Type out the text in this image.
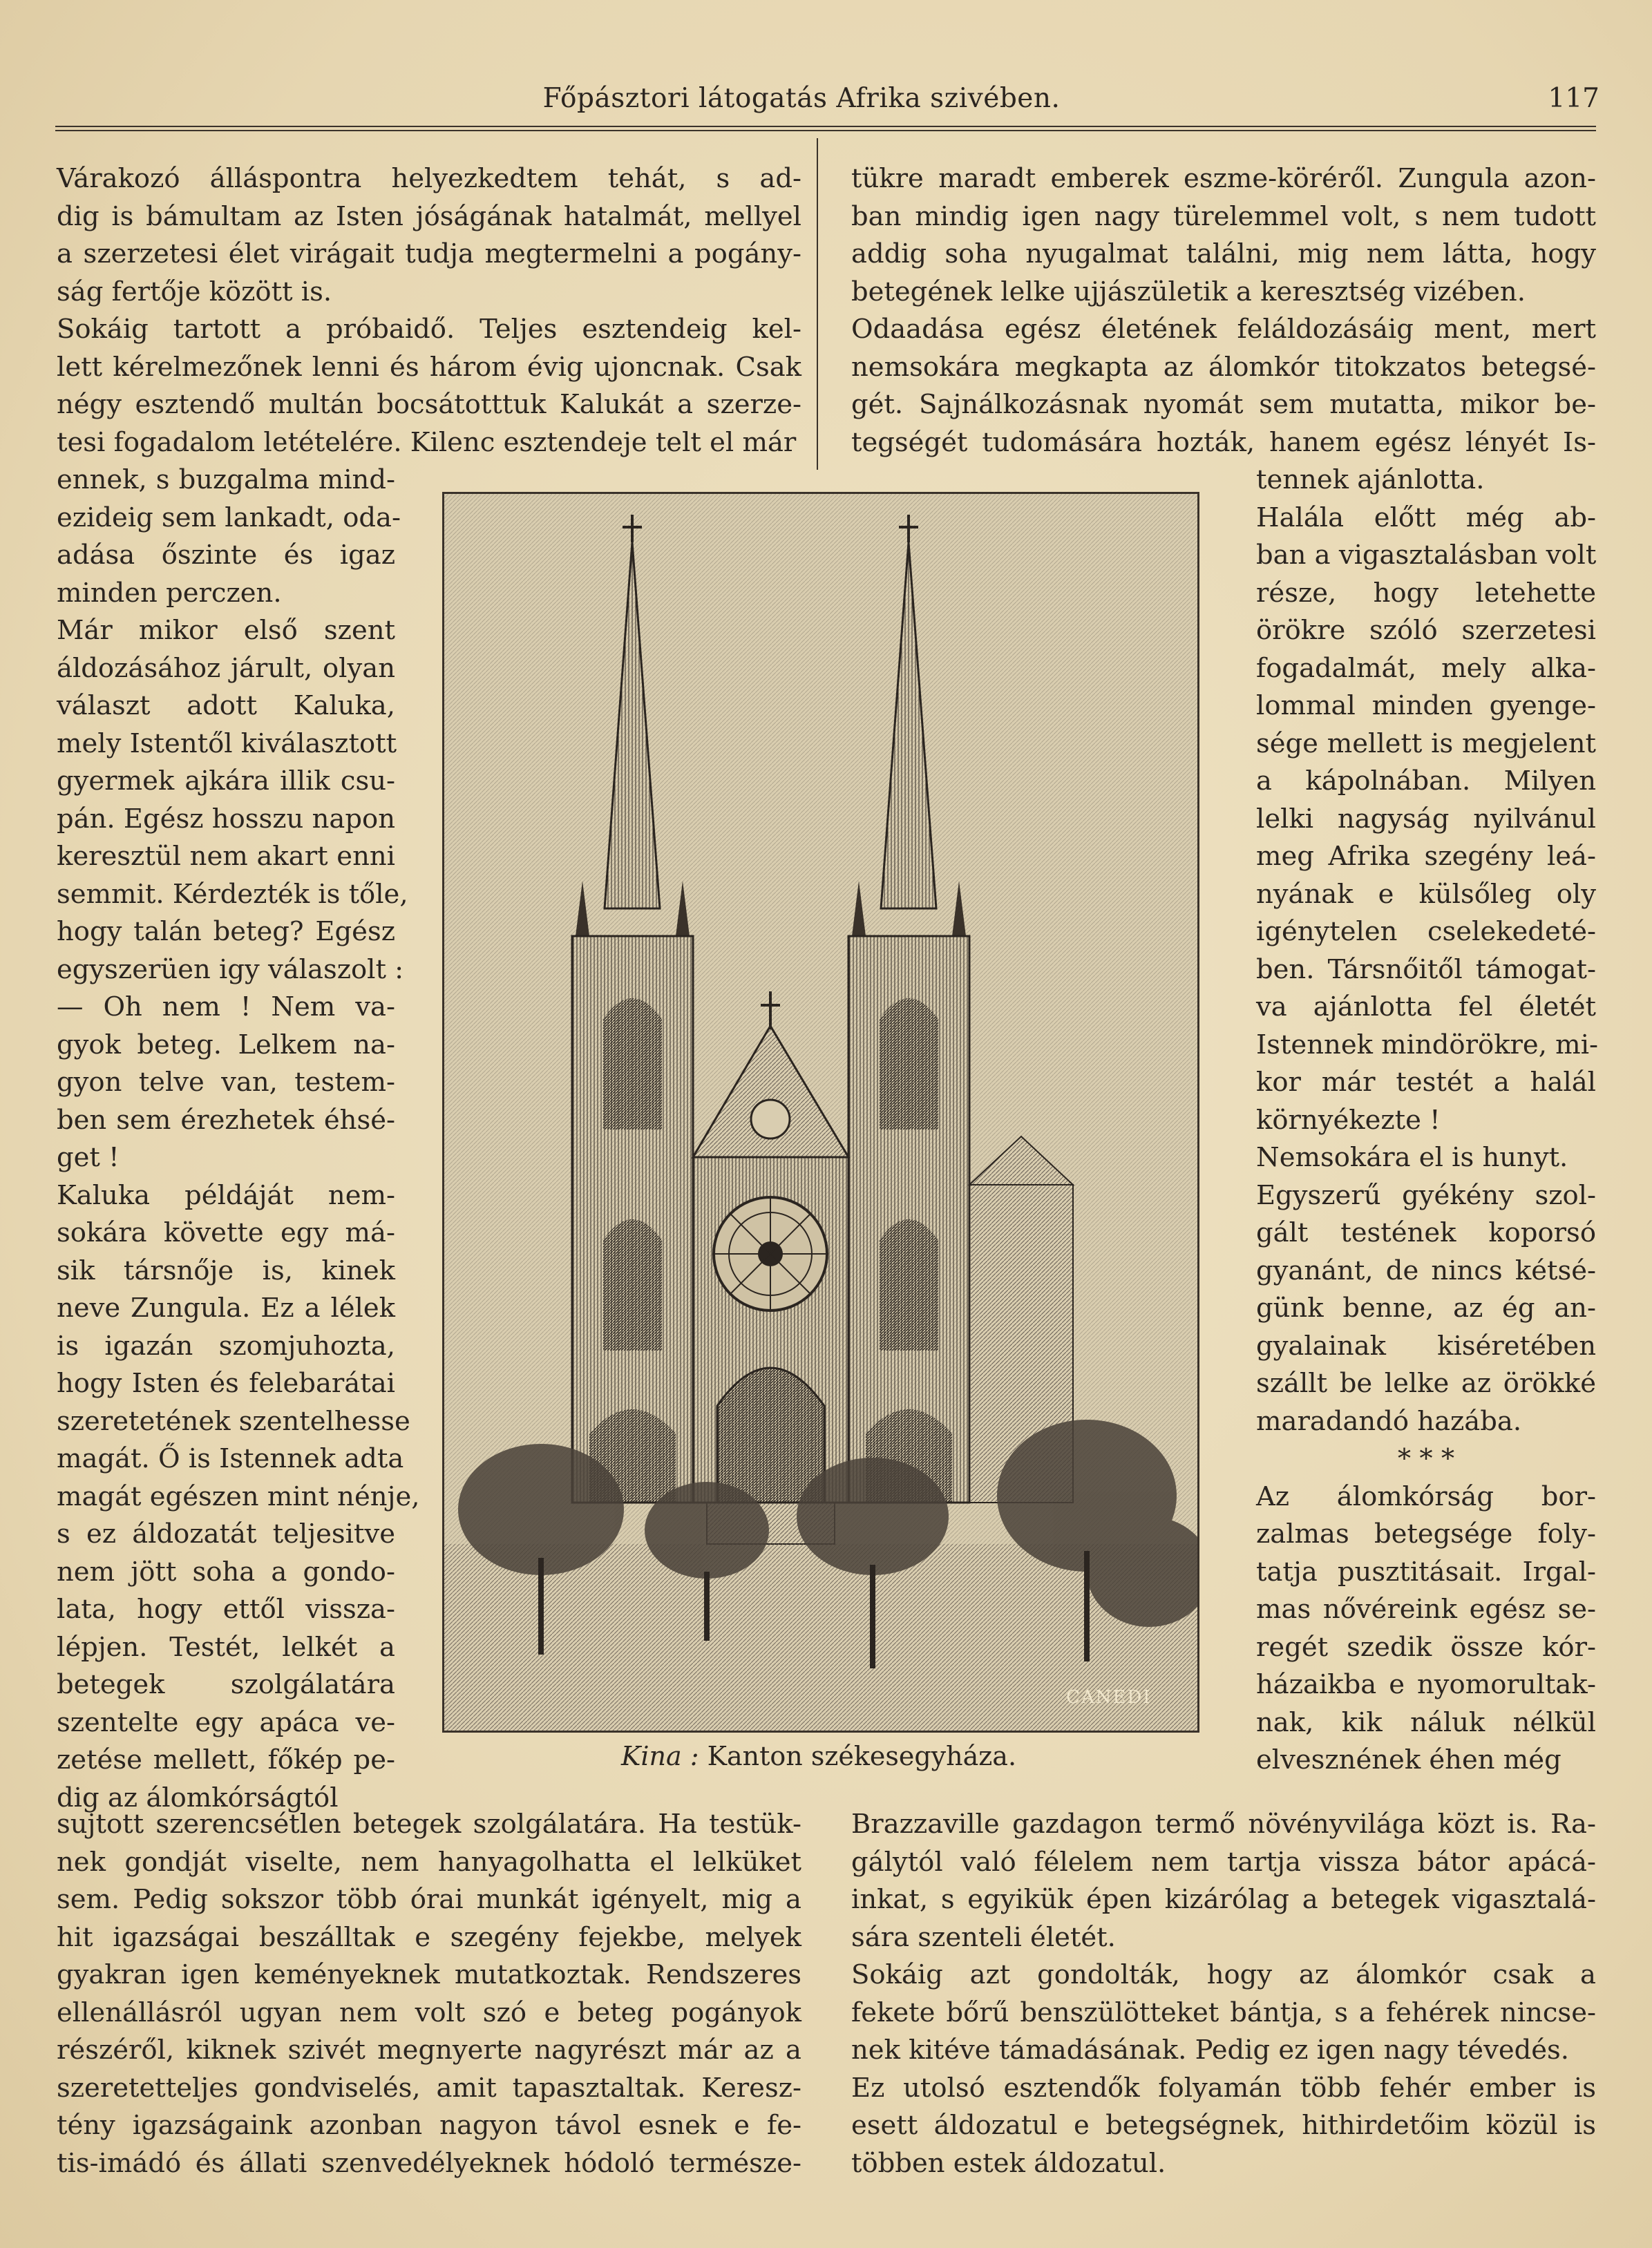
Főpásztori látogatás Afrika szivében.	117
Várakozó álláspontra helyezkedtem tehát, s ad-
dig is bámultam az Isten jóságának hatalmát, mellyel
a szerzetesi élet virágait tudja megtermelni a pogány-
ság fertője között is.
Sokáig tartott a próbaidő. Teljes esztendeig kel-
lett kérelmezőnek lenni és három évig ujoncnak. Csak
négy esztendő multán bocsátotttuk Kalukát a szerze-
tesi fogadalom letételére. Kilenc esztendeje telt el már
ennek, s buzgalma mind-
ezideig sem lankadt, oda-
adása őszinte és igaz
minden perczen.
Már mikor első szent
áldozásához járult, olyan
választ adott Kaluka,
mely Istentől kiválasztott
gyermek ajkára illik csu-
pán. Egész hosszu napon
keresztül nem akart enni
semmit. Kérdezték is tőle,
hogy talán beteg? Egész
egyszerüen igy válaszolt :
— Oh nem ! Nem va-
gyok beteg. Lelkem na-
gyon telve van, testem-
ben sem érezhetek éhsé-
get !
Kaluka példáját nem-
sokára követte egy má-
sik társnője is, kinek
neve Zungula. Ez a lélek
is igazán szomjuhozta,
hogy Isten és felebarátai
szeretetének szentelhesse
magát. Ő is Istennek adta
magát egészen mint nénje,
s ez áldozatát teljesitve
nem jött soha a gondo-
lata, hogy ettől vissza-
lépjen. Testét, lelkét a
betegek szolgálatára
szentelte egy apáca ve-
zetése mellett, főkép pe-
dig az álomkórságtól
tükre maradt emberek eszme-köréről. Zungula azon-
ban mindig igen nagy türelemmel volt, s nem tudott
addig soha nyugalmat találni, mig nem látta, hogy
betegének lelke ujjászületik a keresztség vizében.
Odaadása egész életének feláldozásáig ment, mert
nemsokára megkapta az álomkór titokzatos betegsé-
gét. Sajnálkozásnak nyomát sem mutatta, mikor be-
tegségét tudomására hozták, hanem egész lényét Is-
tennek ajánlotta.
Halála előtt még ab-
ban a vigasztalásban volt
része, hogy letehette
örökre szóló szerzetesi
fogadalmát, mely alka-
lommal minden gyenge-
sége mellett is megjelent
a kápolnában. Milyen
lelki nagyság nyilvánul
meg Afrika szegény leá-
nyának e külsőleg oly
igénytelen cselekedeté-
ben. Társnőitől támogat-
va ajánlotta fel életét
Istennek mindörökre, mi-
kor már testét a halál
környékezte !
Nemsokára el is hunyt.
Egyszerű gyékény szol-
gált testének koporsó
gyanánt, de nincs kétsé-
günk benne, az ég an-
gyalainak kiséretében
szállt be lelke az örökké
maradandó hazába.
* * *
Az álomkórság bor-
zalmas betegsége foly-
tatja pusztitásait. Irgal-
mas nővéreink egész se-
regét szedik össze kór-
házaikba e nyomorultak-
nak, kik náluk nélkül
elvesznének éhen még
sujtott szerencsétlen betegek szolgálatára. Ha testük-
nek gondját viselte, nem hanyagolhatta el lelküket
sem. Pedig sokszor több órai munkát igényelt, mig a
hit igazságai beszálltak e szegény fejekbe, melyek
gyakran igen keményeknek mutatkoztak. Rendszeres
ellenállásról ugyan nem volt szó e beteg pogányok
részéről, kiknek szivét megnyerte nagyrészt már az a
szeretetteljes gondviselés, amit tapasztaltak. Keresz-
tény igazságaink azonban nagyon távol esnek e fe-
tis-imádó és állati szenvedélyeknek hódoló természe-
Brazzaville gazdagon termő növényvilága közt is. Ra-
gálytól való félelem nem tartja vissza bátor apácá-
inkat, s egyikük épen kizárólag a betegek vigasztalá-
sára szenteli életét.
Sokáig azt gondolták, hogy az álomkór csak a
fekete bőrű benszülötteket bántja, s a fehérek nincse-
nek kitéve támadásának. Pedig ez igen nagy tévedés.
Ez utolsó esztendők folyamán több fehér ember is
esett áldozatul e betegségnek, hithirdetőim közül is
többen estek áldozatul.
CANEDI
Kina : Kanton székesegyháza.
